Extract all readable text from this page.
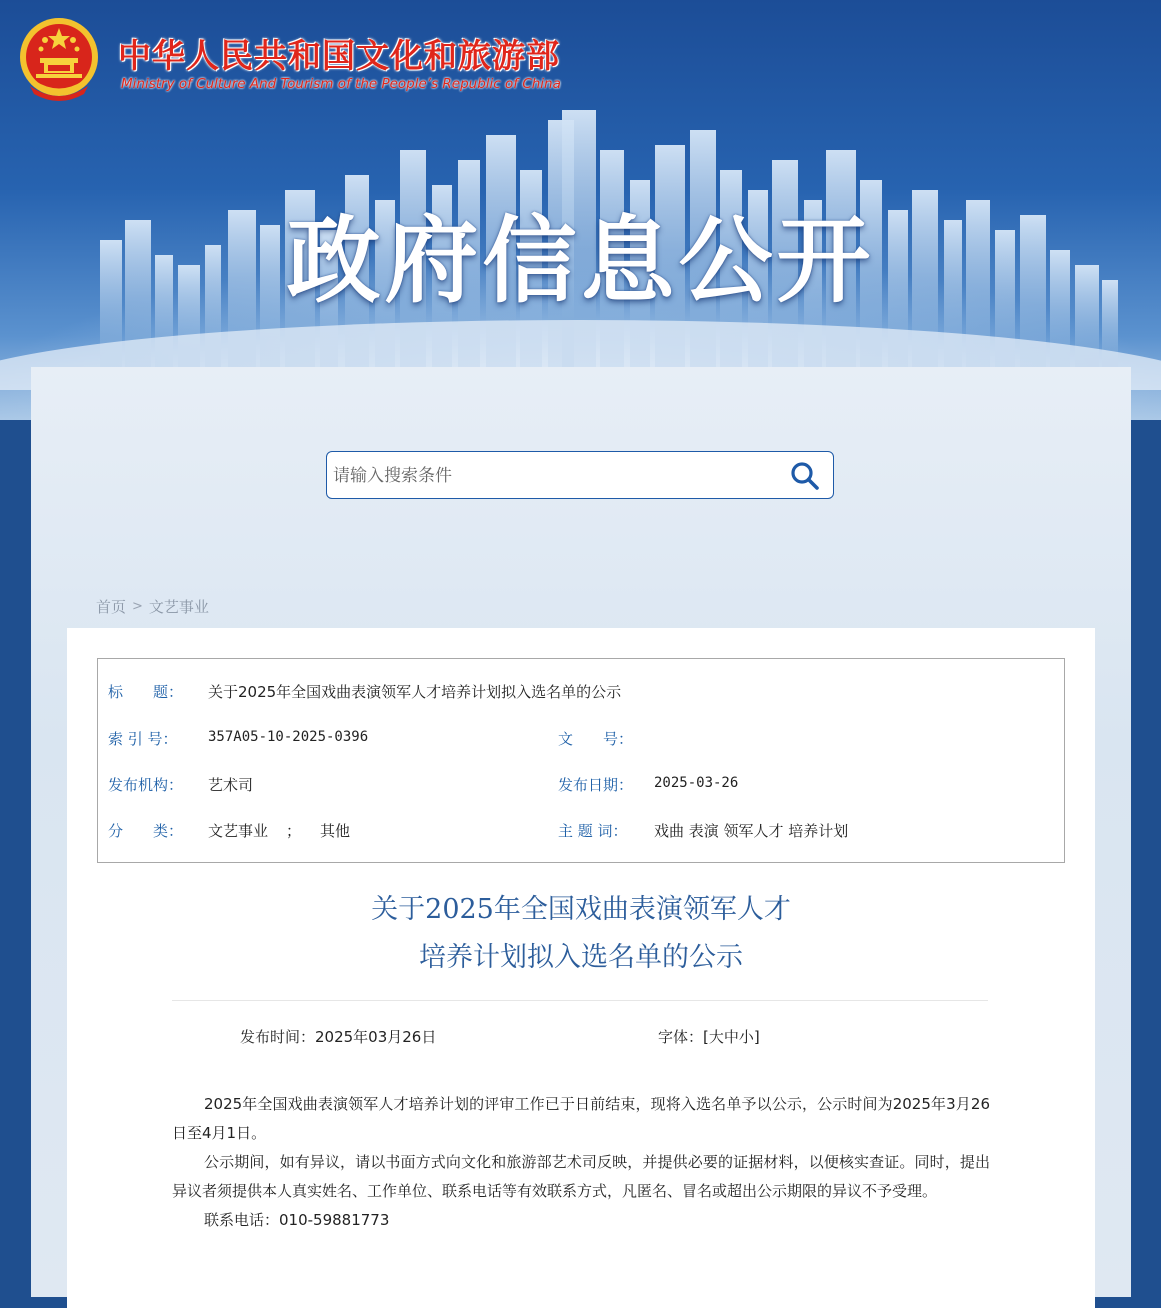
中华人民共和国文化和旅游部
Ministry of Culture And Tourism of the People’s Republic of China
政府信息公开
请输入搜索条件
首页 > 文艺事业
标　　题： 关于2025年全国戏曲表演领军人才培养计划拟入选名单的公示
索 引 号： 357A05-10-2025-0396	文　　号：
发布机构： 艺术司	发布日期： 2025-03-26
分　　类： 文艺事业 ； 其他	主 题 词： 戏曲 表演 领军人才 培养计划
关于2025年全国戏曲表演领军人才
培养计划拟入选名单的公示
发布时间：2025年03月26日	字体：[大中小]

2025年全国戏曲表演领军人才培养计划的评审工作已于日前结束，现将入选名单予以公示，公示时间为2025年3月26日至4月1日。

公示期间，如有异议，请以书面方式向文化和旅游部艺术司反映，并提供必要的证据材料，以便核实查证。同时，提出异议者须提供本人真实姓名、工作单位、联系电话等有效联系方式，凡匿名、冒名或超出公示期限的异议不予受理。

联系电话：010-59881773
